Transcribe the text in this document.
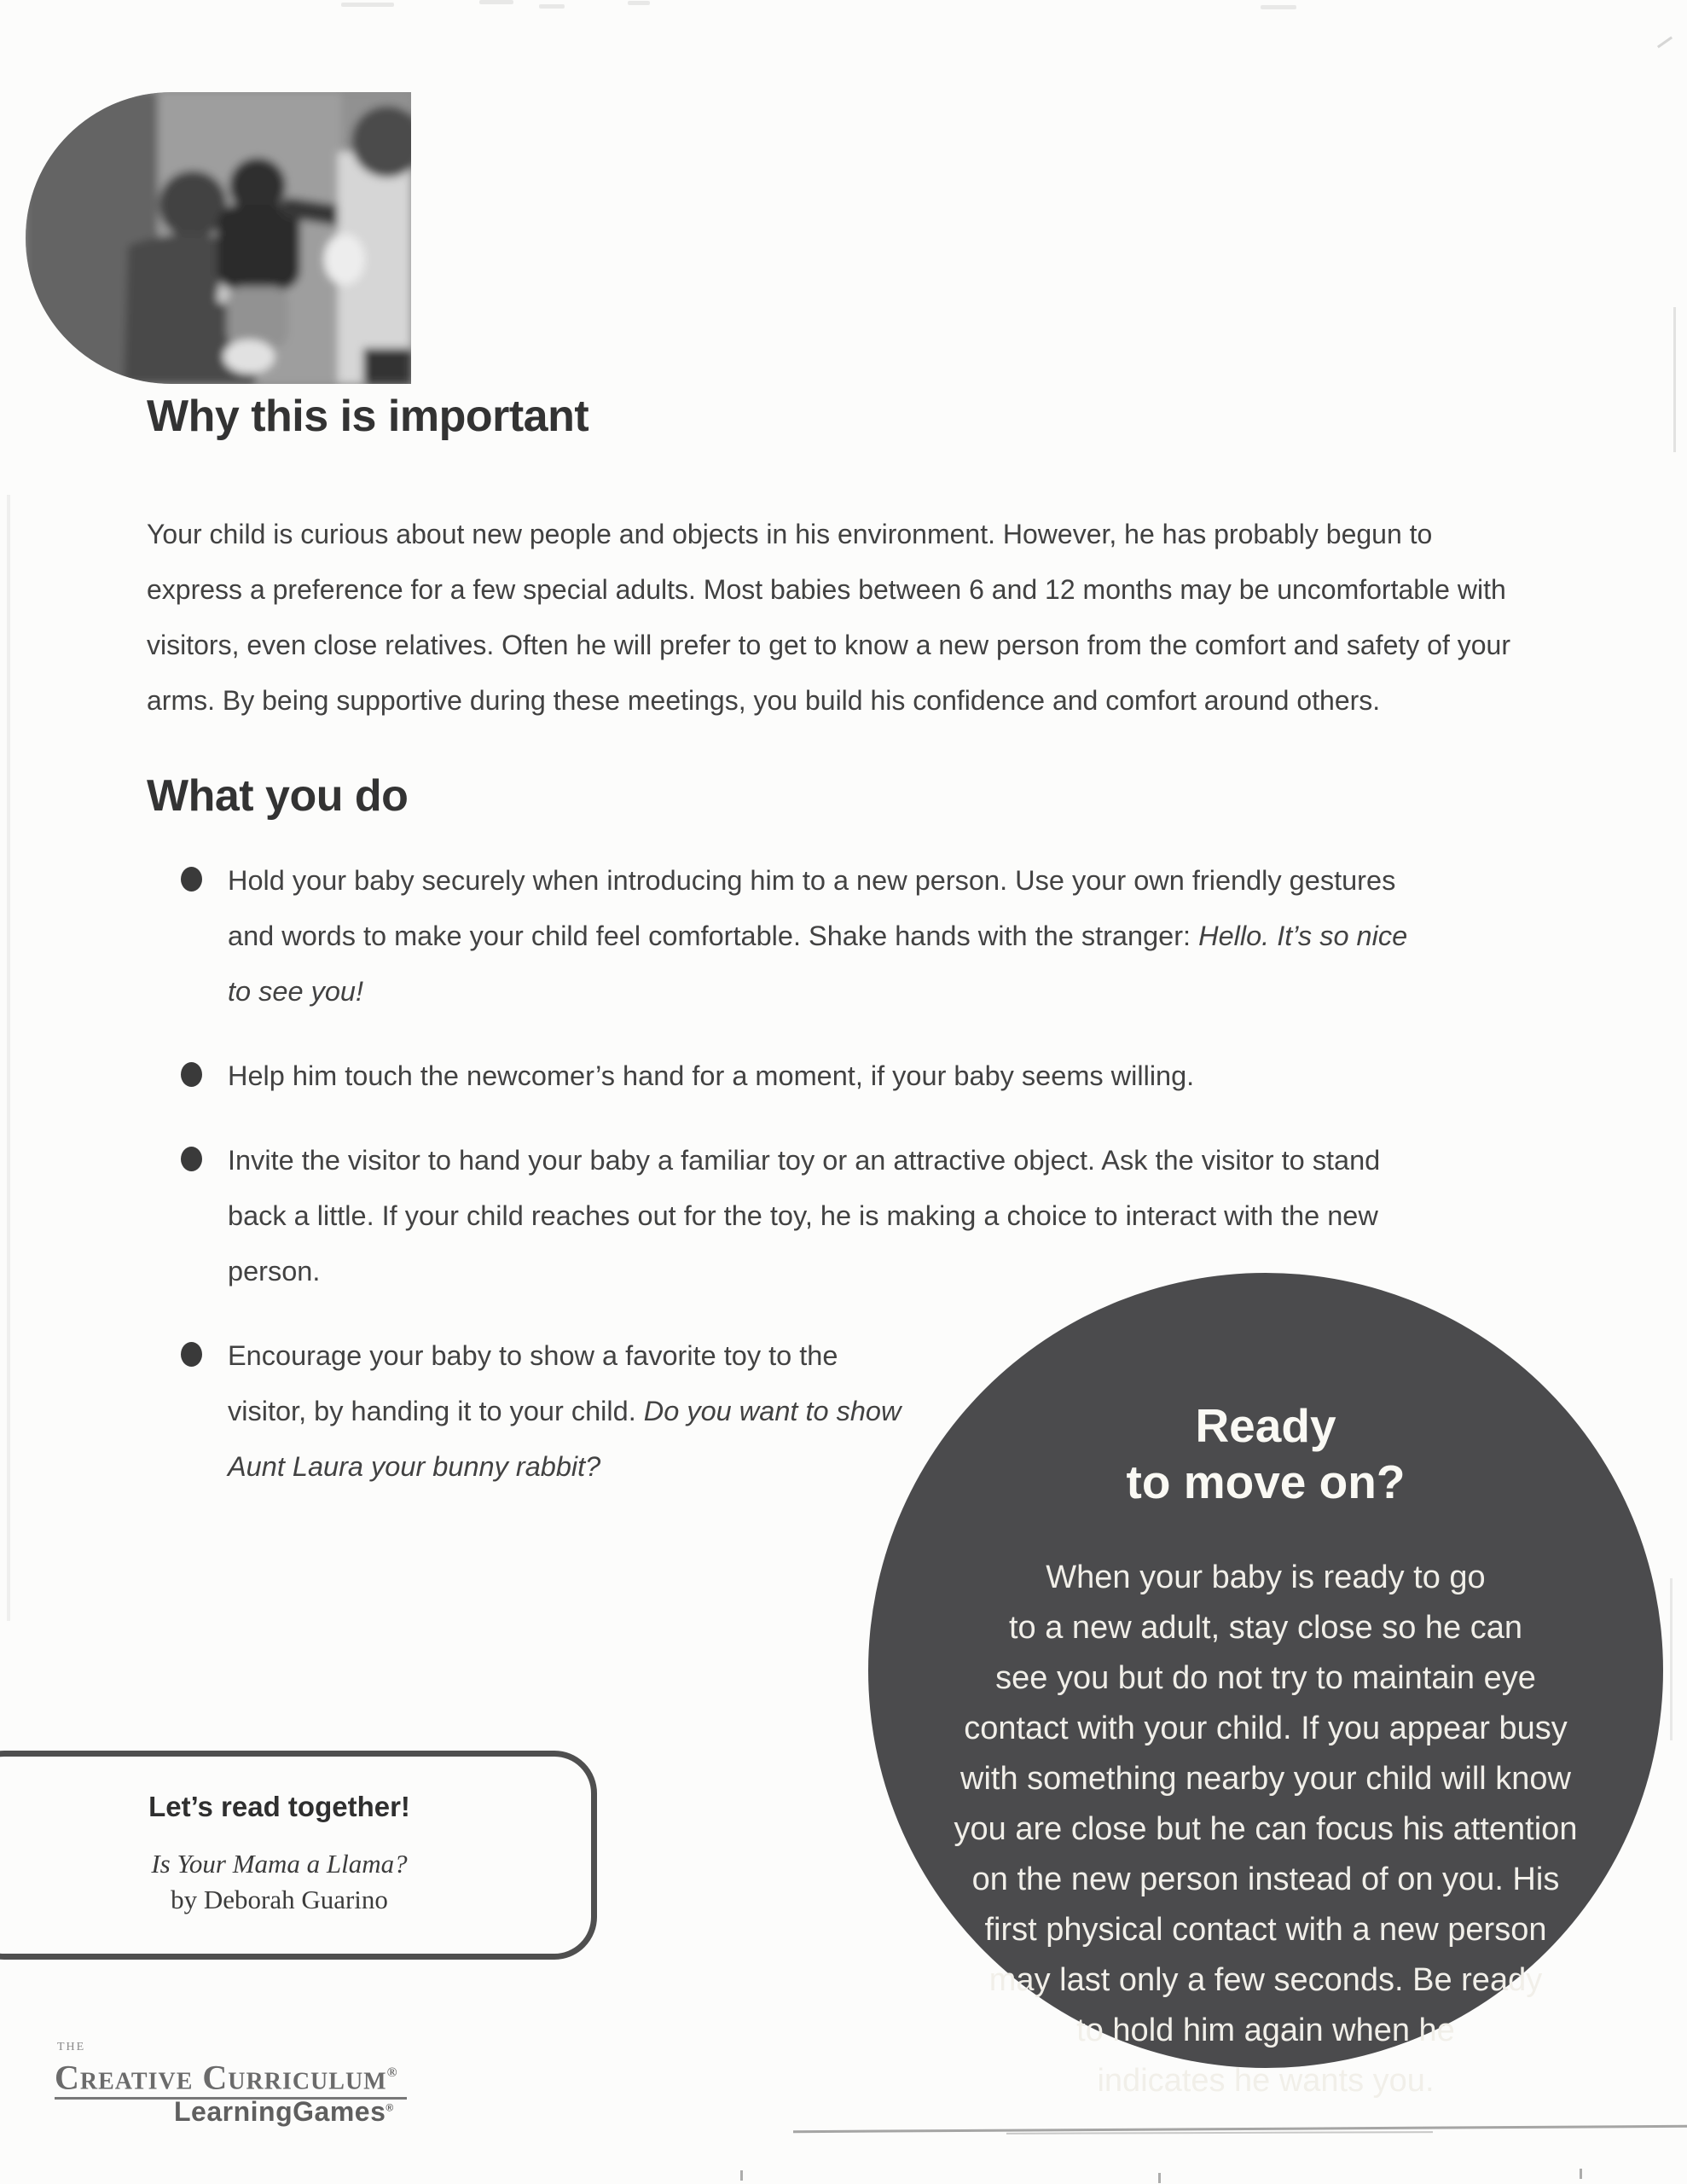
Why this is important

Your child is curious about new people and objects in his environment. However, he has probably begun to express a preference for a few special adults. Most babies between 6 and 12 months may be uncomfortable with visitors, even close relatives. Often he will prefer to get to know a new person from the comfort and safety of your arms. By being supportive during these meetings, you build his confidence and comfort around others.

What you do
Hold your baby securely when introducing him to a new person. Use your own friendly gestures and words to make your child feel comfortable. Shake hands with the stranger: Hello. It’s so nice to see you!
Help him touch the newcomer’s hand for a moment, if your baby seems willing.
Invite the visitor to hand your baby a familiar toy or an attractive object. Ask the visitor to stand back a little. If your child reaches out for the toy, he is making a choice to interact with the new person.
Encourage your baby to show a favorite toy to the visitor, by handing it to your child. Do you want to show Aunt Laura your bunny rabbit?
Ready
to move on?
When your baby is ready to go
to a new adult, stay close so he can
see you but do not try to maintain eye
contact with your child. If you appear busy
with something nearby your child will know
you are close but he can focus his attention
on the new person instead of on you. His
first physical contact with a new person
may last only a few seconds. Be ready
to hold him again when he
indicates he wants you.
Let’s read together!
Is Your Mama a Llama?
by Deborah Guarino
THE
Creative Curriculum®
LearningGames®
